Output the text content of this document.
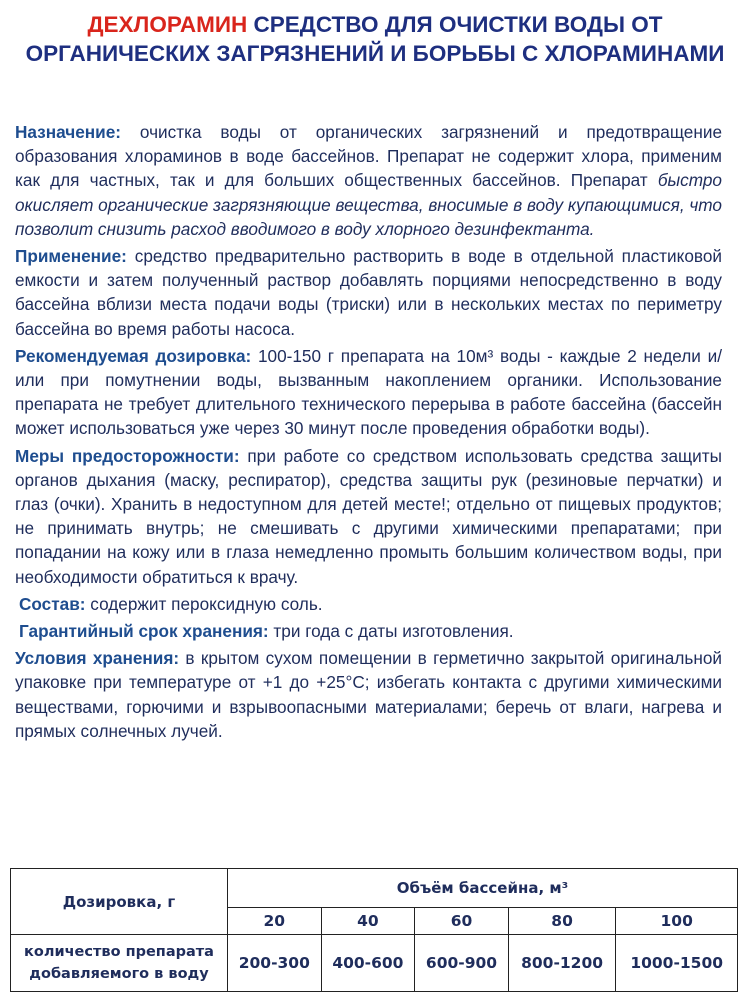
ДЕХЛОРАМИН СРЕДСТВО ДЛЯ ОЧИСТКИ ВОДЫ ОТ ОРГАНИЧЕСКИХ ЗАГРЯЗНЕНИЙ И БОРЬБЫ С ХЛОРАМИНАМИ

Назначение: очистка воды от органических загрязнений и предотвращение образования хлораминов в воде бассейнов. Препарат не содержит хлора, применим как для частных, так и для больших общественных бассейнов. Препарат быстро окисляет органические загрязняющие вещества, вносимые в воду купающимися, что позволит снизить расход вводимого в воду хлорного дезинфектанта.

Применение: средство предварительно растворить в воде в отдельной пластиковой емкости и затем полученный раствор добавлять порциями непосредственно в воду бассейна вблизи места подачи воды (триски) или в нескольких местах по периметру бассейна во время работы насоса.

Рекомендуемая дозировка: 100-150 г препарата на 10м³ воды - каждые 2 недели и/или при помутнении воды, вызванным накоплением органики. Использование препарата не требует длительного технического перерыва в работе бассейна (бассейн может использоваться уже через 30 минут после проведения обработки воды).

Меры предосторожности: при работе со средством использовать средства защиты органов дыхания (маску, респиратор), средства защиты рук (резиновые перчатки) и глаз (очки). Хранить в недоступном для детей месте!; отдельно от пищевых продуктов; не принимать внутрь; не смешивать с другими химическими препаратами; при попадании на кожу или в глаза немедленно промыть большим количеством воды, при необходимости обратиться к врачу.

Состав: содержит пероксидную соль.

Гарантийный срок хранения: три года с даты изготовления.

Условия хранения: в крытом сухом помещении в герметично закрытой оригинальной упаковке при температуре от +1 до +25°С; избегать контакта с другими химическими веществами, горючими и взрывоопасными материалами; беречь от влаги, нагрева и прямых солнечных лучей.

Дозировка, г	Объём бассейна, м³				
	20	40	60	80	100
количество препарата добавляемого в воду	200-300	400-600	600-900	800-1200	1000-1500
